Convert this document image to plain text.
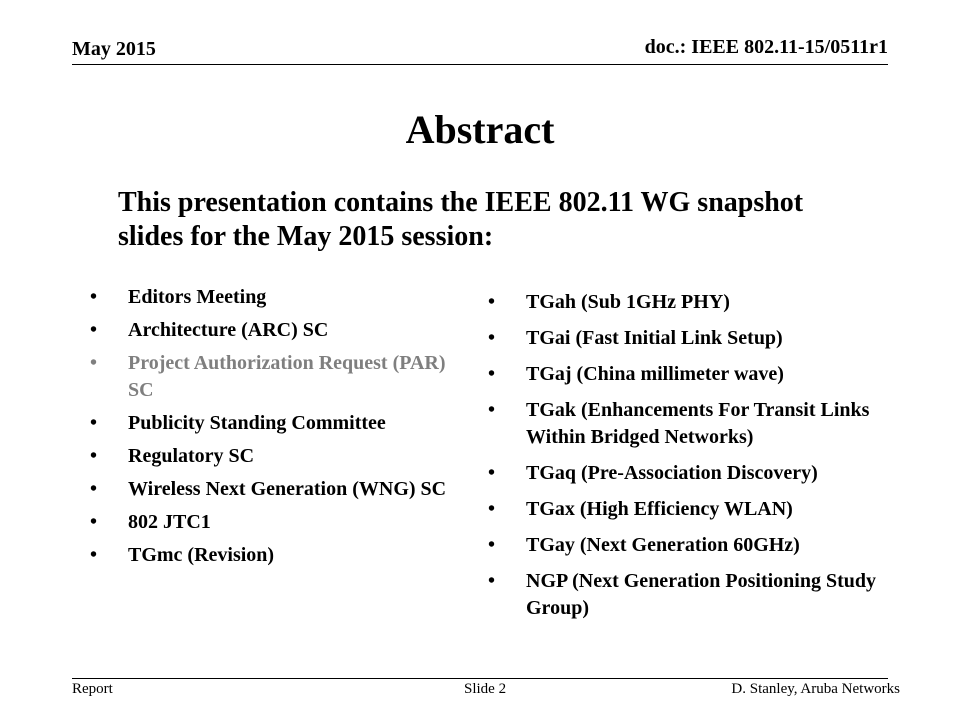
May 2015	doc.: IEEE 802.11-15/0511r1
Abstract
This presentation contains the IEEE 802.11 WG snapshot slides for the May 2015 session:
•	Editors Meeting
•	Architecture (ARC) SC
•	Project Authorization Request (PAR) SC
•	Publicity Standing Committee
•	Regulatory SC
•	Wireless Next Generation (WNG) SC
•	802 JTC1
•	TGmc (Revision)
•	TGah (Sub 1GHz PHY)
•	TGai (Fast Initial Link Setup)
•	TGaj (China millimeter wave)
•	TGak (Enhancements For Transit Links Within Bridged Networks)
•	TGaq (Pre-Association Discovery)
•	TGax (High Efficiency WLAN)
•	TGay (Next Generation 60GHz)
•	NGP (Next Generation Positioning Study Group)
Report	Slide 2	D. Stanley, Aruba Networks
